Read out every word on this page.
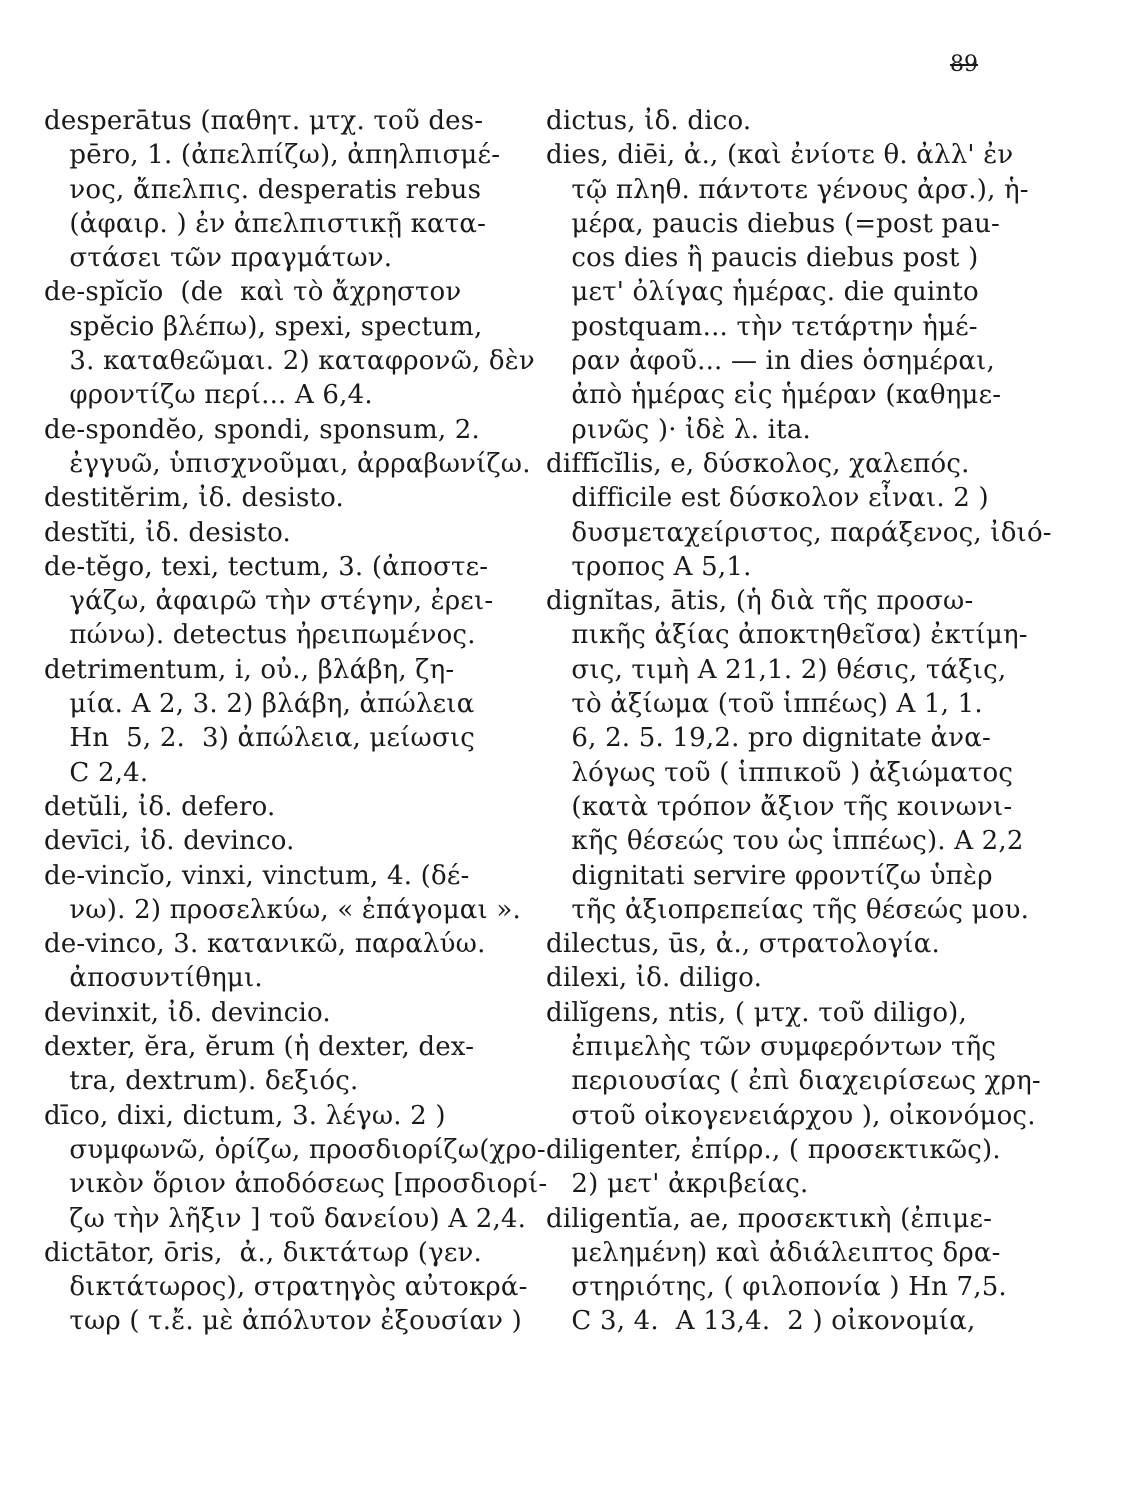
89
desperātus (παθητ. μτχ. τοῦ des-
pēro, 1. (ἀπελπίζω), ἀπηλπισμέ-
νος, ἄπελπις. desperatis rebus
(ἀφαιρ. ) ἐν ἀπελπιστικῇ κατα-
στάσει τῶν πραγμάτων.
de-spĭcĭo  (de  καὶ τὸ ἄχρηστον
spĕcio βλέπω), spexi, spectum,
3. καταθεῶμαι. 2) καταφρονῶ, δὲν
φροντίζω περί... Α 6,4.
de-spondĕo, spondi, sponsum, 2.
ἐγγυῶ, ὑπισχνοῦμαι, ἀρραβωνίζω.
destitĕrim, ἰδ. desisto.
destĭti, ἰδ. desisto.
de-tĕgo, texi, tectum, 3. (ἀποστε-
γάζω, ἀφαιρῶ τὴν στέγην, ἐρει-
πώνω). detectus ἠρειπωμένος.
detrimentum, i, οὐ., βλάβη, ζη-
μία. Α 2, 3. 2) βλάβη, ἀπώλεια
Ηn  5, 2.  3) ἀπώλεια, μείωσις
C 2,4.
detŭli, ἰδ. defero.
devīci, ἰδ. devinco.
de-vincĭo, vinxi, vinctum, 4. (δέ-
νω). 2) προσελκύω, « ἐπάγομαι ».
de-vinco, 3. κατανικῶ, παραλύω.
ἀποσυντίθημι.
devinxit, ἰδ. devincio.
dexter, ĕra, ĕrum (ἡ dexter, dex-
tra, dextrum). δεξιός.
dīco, dixi, dictum, 3. λέγω. 2 )
συμφωνῶ, ὁρίζω, προσδιορίζω(χρο-
νικὸν ὅριον ἀποδόσεως [προσδιορί-
ζω τὴν λῆξιν ] τοῦ δανείου) Α 2,4.
dictātor, ōris,  ἀ., δικτάτωρ (γεν.
δικτάτωρος), στρατηγὸς αὐτοκρά-
τωρ ( τ.ἔ. μὲ ἀπόλυτον ἐξουσίαν )
dictus, ἰδ. dico.
dies, diēi, ἀ., (καὶ ἐνίοτε θ. ἀλλ' ἐν
τῷ πληθ. πάντοτε γένους ἀρσ.), ἡ-
μέρα, paucis diebus (=post pau-
cos dies ἢ paucis diebus post )
μετ' ὀλίγας ἡμέρας. die quinto
postquam... τὴν τετάρτην ἡμέ-
ραν ἀφοῦ... — in dies ὁσημέραι,
ἀπὸ ἡμέρας εἰς ἡμέραν (καθημε-
ρινῶς )· ἰδὲ λ. ita.
diffĭcĭlis, e, δύσκολος, χαλεπός.
difficile est δύσκολον εἶναι. 2 )
δυσμεταχείριστος, παράξενος, ἰδιό-
τροπος Α 5,1.
dignĭtas, ātis, (ἡ διὰ τῆς προσω-
πικῆς ἀξίας ἀποκτηθεῖσα) ἐκτίμη-
σις, τιμὴ Α 21,1. 2) θέσις, τάξις,
τὸ ἀξίωμα (τοῦ ἱππέως) Α 1, 1.
6, 2. 5. 19,2. pro dignitate ἀνα-
λόγως τοῦ ( ἱππικοῦ ) ἀξιώματος
(κατὰ τρόπον ἄξιον τῆς κοινωνι-
κῆς θέσεώς του ὡς ἱππέως). Α 2,2
dignitati servire φροντίζω ὑπὲρ
τῆς ἀξιοπρεπείας τῆς θέσεώς μου.
dilectus, ūs, ἀ., στρατολογία.
dilexi, ἰδ. diligo.
dilĭgens, ntis, ( μτχ. τοῦ diligo),
ἐπιμελὴς τῶν συμφερόντων τῆς
περιουσίας ( ἐπὶ διαχειρίσεως χρη-
στοῦ οἰκογενειάρχου ), οἰκονόμος.
diligenter, ἐπίρρ., ( προσεκτικῶς).
2) μετ' ἀκριβείας.
diligentĭa, ae, προσεκτικὴ (ἐπιμε-
μελημένη) καὶ ἀδιάλειπτος δρα-
στηριότης, ( φιλοπονία ) Ηn 7,5.
C 3, 4.  Α 13,4.  2 ) οἰκονομία,
